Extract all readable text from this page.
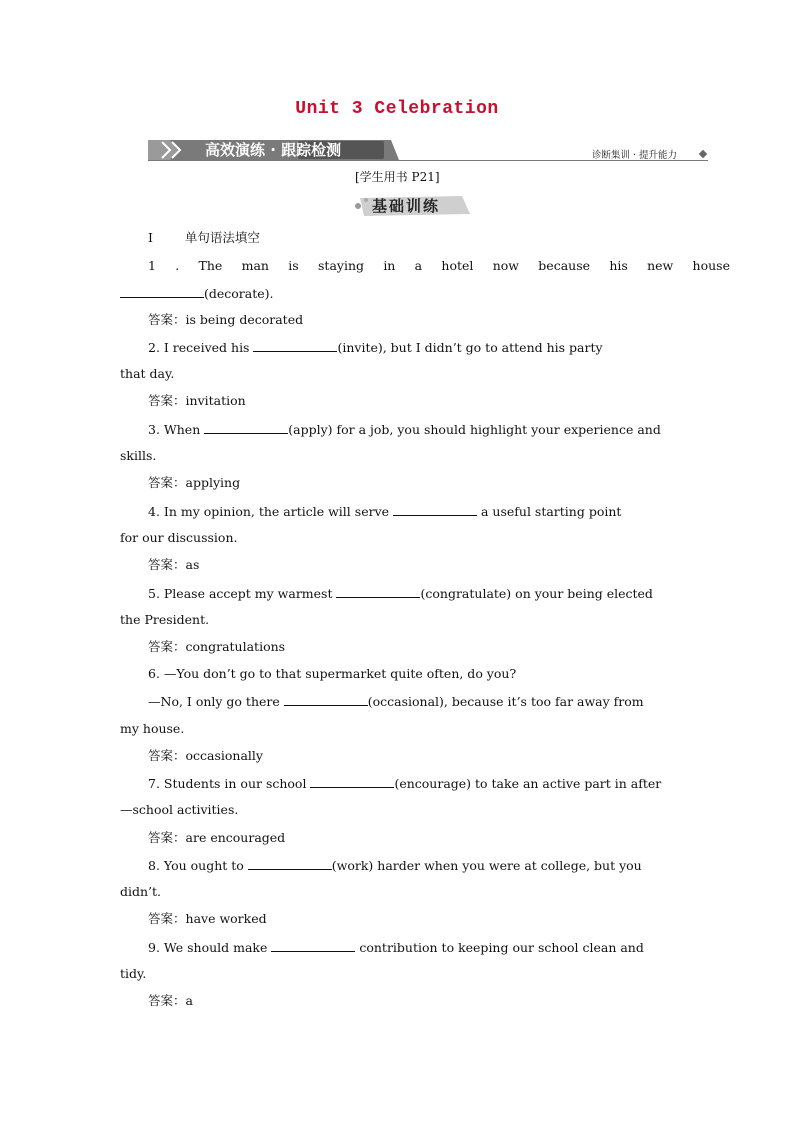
Unit 3 Celebration
高效演练 · 跟踪检测	诊断集训 · 提升能力
[学生用书 P21]
基础训练
Ⅰ	单句语法填空
1 . The man is staying in a hotel now because his new house
(decorate).
答案：is being decorated
2. I received his	(invite), but I didn’t go to attend his party
that day.
答案：invitation
3. When	(apply) for a job, you should highlight your experience and
skills.
答案：applying
4. In my opinion, the article will serve	a useful starting point
for our discussion.
答案：as
5. Please accept my warmest	(congratulate) on your being elected
the President.
答案：congratulations
6. —You don’t go to that supermarket quite often, do you?
—No, I only go there	(occasional), because it’s too far away from
my house.
答案：occasionally
7. Students in our school	(encourage) to take an active part in after
—school activities.
答案：are encouraged
8. You ought to	(work) harder when you were at college, but you
didn’t.
答案：have worked
9. We should make	contribution to keeping our school clean and
tidy.
答案：a
